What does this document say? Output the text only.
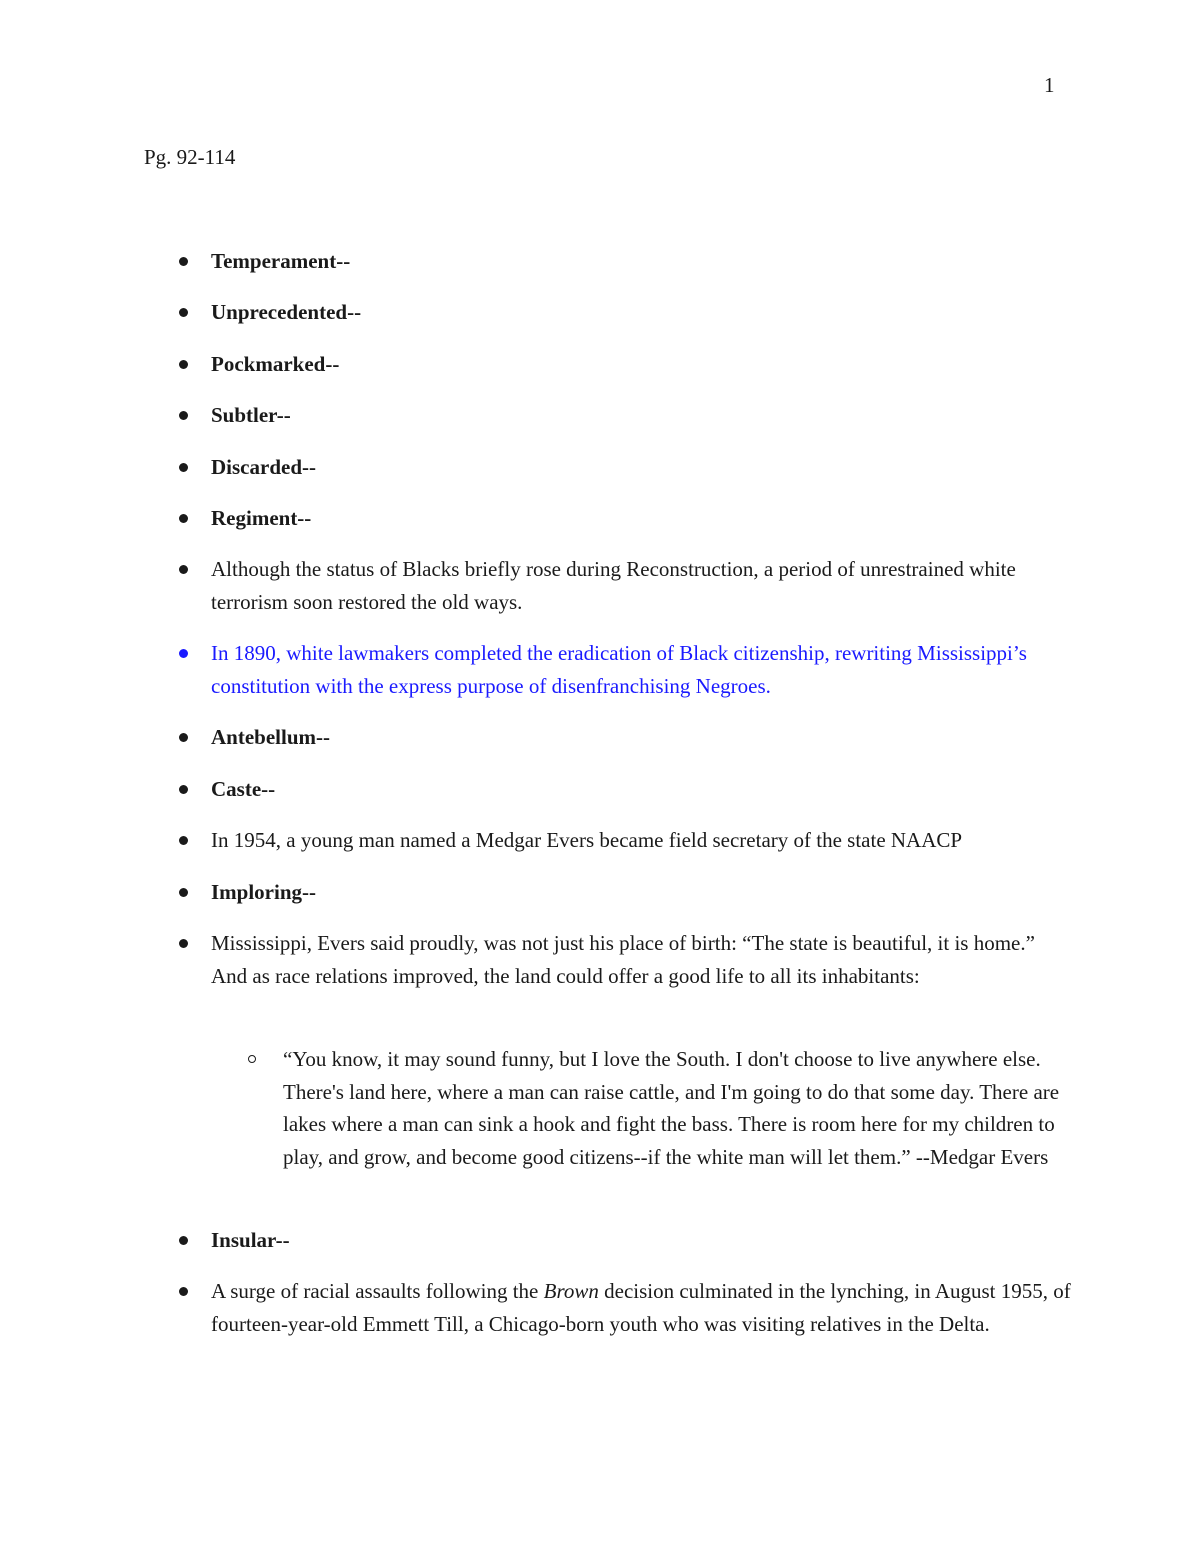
1
Pg. 92-114
Temperament--
Unprecedented--
Pockmarked--
Subtler--
Discarded--
Regiment--
Although the status of Blacks briefly rose during Reconstruction, a period of unrestrained white terrorism soon restored the old ways.
In 1890, white lawmakers completed the eradication of Black citizenship, rewriting Mississippi’s constitution with the express purpose of disenfranchising Negroes.
Antebellum--
Caste--
In 1954, a young man named a Medgar Evers became field secretary of the state NAACP
Imploring--
Mississippi, Evers said proudly, was not just his place of birth: “The state is beautiful, it is home.” And as race relations improved, the land could offer a good life to all its inhabitants:
“You know, it may sound funny, but I love the South. I don't choose to live anywhere else. There's land here, where a man can raise cattle, and I'm going to do that some day. There are lakes where a man can sink a hook and fight the bass. There is room here for my children to play, and grow, and become good citizens--if the white man will let them.” --Medgar Evers
Insular--
A surge of racial assaults following the Brown decision culminated in the lynching, in August 1955, of fourteen-year-old Emmett Till, a Chicago-born youth who was visiting relatives in the Delta.
